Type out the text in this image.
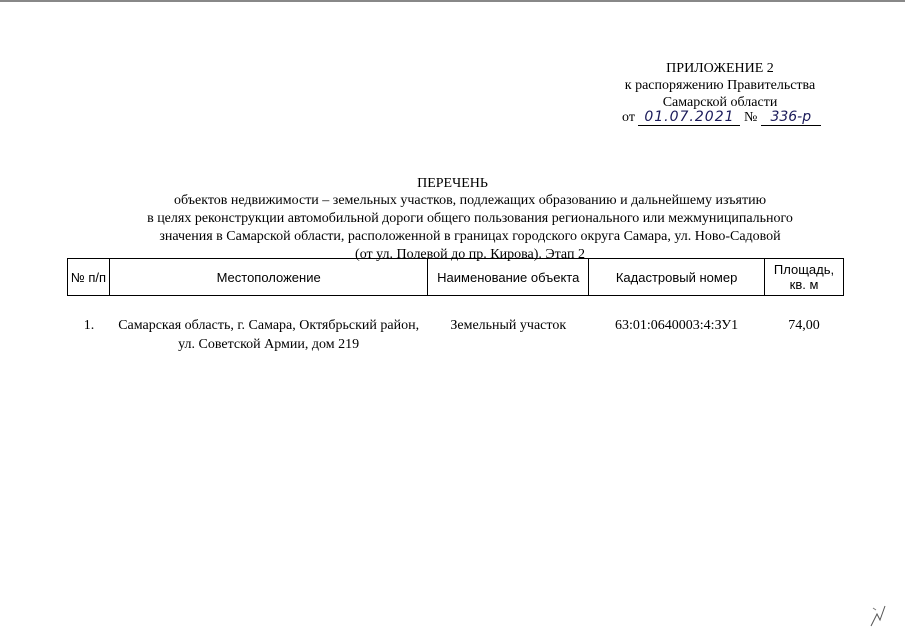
ПРИЛОЖЕНИЕ 2
к распоряжению Правительства
Самарской области
от 01.07.2021 № 336-р
ПЕРЕЧЕНЬ
объектов недвижимости – земельных участков, подлежащих образованию и дальнейшему изъятию
в целях реконструкции автомобильной дороги общего пользования регионального или межмуниципального
значения в Самарской области, расположенной в границах городского округа Самара, ул. Ново-Садовой
(от ул. Полевой до пр. Кирова). Этап 2
№ п/п	Местоположение	Наименование объекта	Кадастровый номер	Площадь, кв. м
1.	Самарская область, г. Самара, Октябрьский район, ул. Советской Армии, дом 219	Земельный участок	63:01:0640003:4:ЗУ1	74,00
